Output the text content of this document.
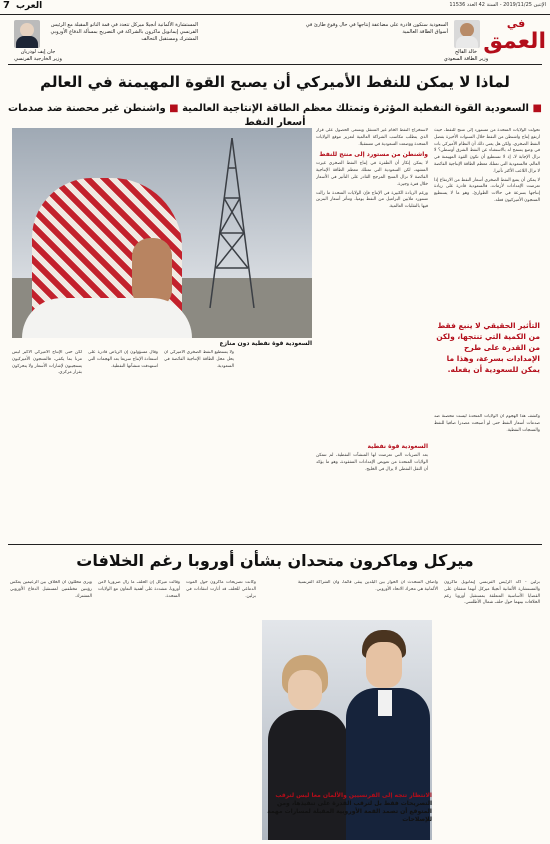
7 العرب	الإثنين 2019/11/25 - السنة 42 العدد 11536
في
العمق
خالد الفالح
وزير الطاقة السعودي
السعودية ستكون قادرة على مضاعفة إنتاجها في حال وقوع طارئ في أسواق الطاقة العالمية
المستشارة الألمانية أنجيلا ميركل تتعدد في قمة الناتو المقبلة مع الرئيس الفرنسي إيمانويل ماكرون بالشراكة في التصريح بمسألة الدفاع الأوروبي المشترك ومستقبل التحالف
جان إيف لودريان
وزير الخارجية الفرنسي
لماذا لا يمكن للنفط الأميركي أن يصبح القوة المهيمنة في العالم
■ السعودية القوة النفطية المؤثرة وتمتلك معظم الطاقة الإنتاجية العالمية ■ واشنطن غير محصنة ضد صدمات أسعار النفط

تحولت الولايات المتحدة من مستورد إلى منتج للنفط، حيث ارتفع إنتاج واشنطن من النفط خلال السنوات الأخيرة بفضل النفط الصخري، ولكن هل يعني ذلك أن النظام الأميركي بات في وضع يسمح له بالاستغناء عن النفط الشرق أوسطي؟ لا تزال الإجابة لا، إذ لا تستطيع أن تكون القوة المهيمنة في العالم، فالسعودية التي تمتلك معظم الطاقة الإنتاجية الفائضة لا تزال اللاعب الأكثر تأثيرا.

لا يمكن أن يمنع النفط الصخري أسعار النفط من الارتفاع إذا تعرضت الإمدادات لأزمات، فالسعودية قادرة على زيادة إنتاجها بسرعة في حالات الطوارئ، وهو ما لا يستطيع المنتجون الأميركيون فعله.

التأثير الحقيقي لا ينبع فقط من الكمية التي تنتجها، ولكن من القدرة على طرح الإمدادات بسرعة، وهذا ما يمكن للسعودية أن يفعله.

وكشف هذا الهجوم أن الولايات المتحدة ليست محصنة ضد صدمات أسعار النفط حتى لو أصبحت مصدرا صافيا للنفط والمنتجات النفطية.

لاستخراج النفط الخام غير المتنقل ويسعى الحصول على قرار الذي يتطلب مكاسب الشراكة العالمية لتعزيز موقع الولايات المتحدة ووضعت السعودية في مستقبلا.

واشنطن من مستورد إلى منتج للنفط

لا يمكن إنكار أن الطفرة في إنتاج النفط الصخري غيرت المشهد، لكن السعودية التي تمتلك معظم الطاقة الإنتاجية الفائضة لا تزال المنتج المرجح القادر على التأثير في الأسعار خلال فترة وجيزة.

ورغم الزيادة الكبيرة في الإنتاج فإن الولايات المتحدة ما زالت تستورد ملايين البراميل من النفط يوميا، وتتأثر أسعار البنزين فيها بالتقلبات العالمية.

السعودية قوة نفطية دون منازع

لكن حتى الإنتاج الأميركي الأكبر ليس مرنا بما يكفي، فالمنتجون الأميركيون يستجيبون لإشارات الأسعار ولا يتحركون بقرار مركزي.

وقال مسؤولون إن الرياض قادرة على استعادة الإنتاج سريعا بعد الهجمات التي استهدفت منشآتها النفطية.

ولا يستطيع النفط الصخري الأميركي أن يحل محل الطاقة الإنتاجية الفائضة في السعودية.

السعودية قوة نفطية

بعد الضربات التي تعرضت لها المنشآت النفطية، لم تتمكن الولايات المتحدة من تعويض الإمدادات المفقودة، وهو ما يؤكد أن الثقل النفطي لا يزال في الخليج.

ميركل وماكرون متحدان بشأن أوروبا رغم الخلافات

برلين - أكد الرئيس الفرنسي إيمانويل ماكرون والمستشارة الألمانية أنجيلا ميركل أنهما متفقان على القضايا الأساسية المتعلقة بمستقبل أوروبا رغم الخلافات بينهما حول حلف شمال الأطلسي.

وأضاف المتحدث أن الحوار بين البلدين يبقى قائما، وأن الشراكة الفرنسية الألمانية هي محرك الاتحاد الأوروبي.

وكانت تصريحات ماكرون حول الموت الدماغي للحلف قد أثارت انتقادات في برلين.

وقالت ميركل إن الحلف ما زال ضروريا لأمن أوروبا، مشددة على أهمية التعاون مع الولايات المتحدة.

ويرى محللون أن الخلاف بين الزعيمين يعكس رؤيتين مختلفتين لمستقبل الدفاع الأوروبي المشترك.

الانتظار تتجه إلى الفرنسيين والألمان معا ليس لترقب التصريحات فقط بل لترقب القدرة على تنفيذها، ومن المتوقع أن تصمد القمة الأوروبية المقبلة لمسارات مهمة للإصلاحات
